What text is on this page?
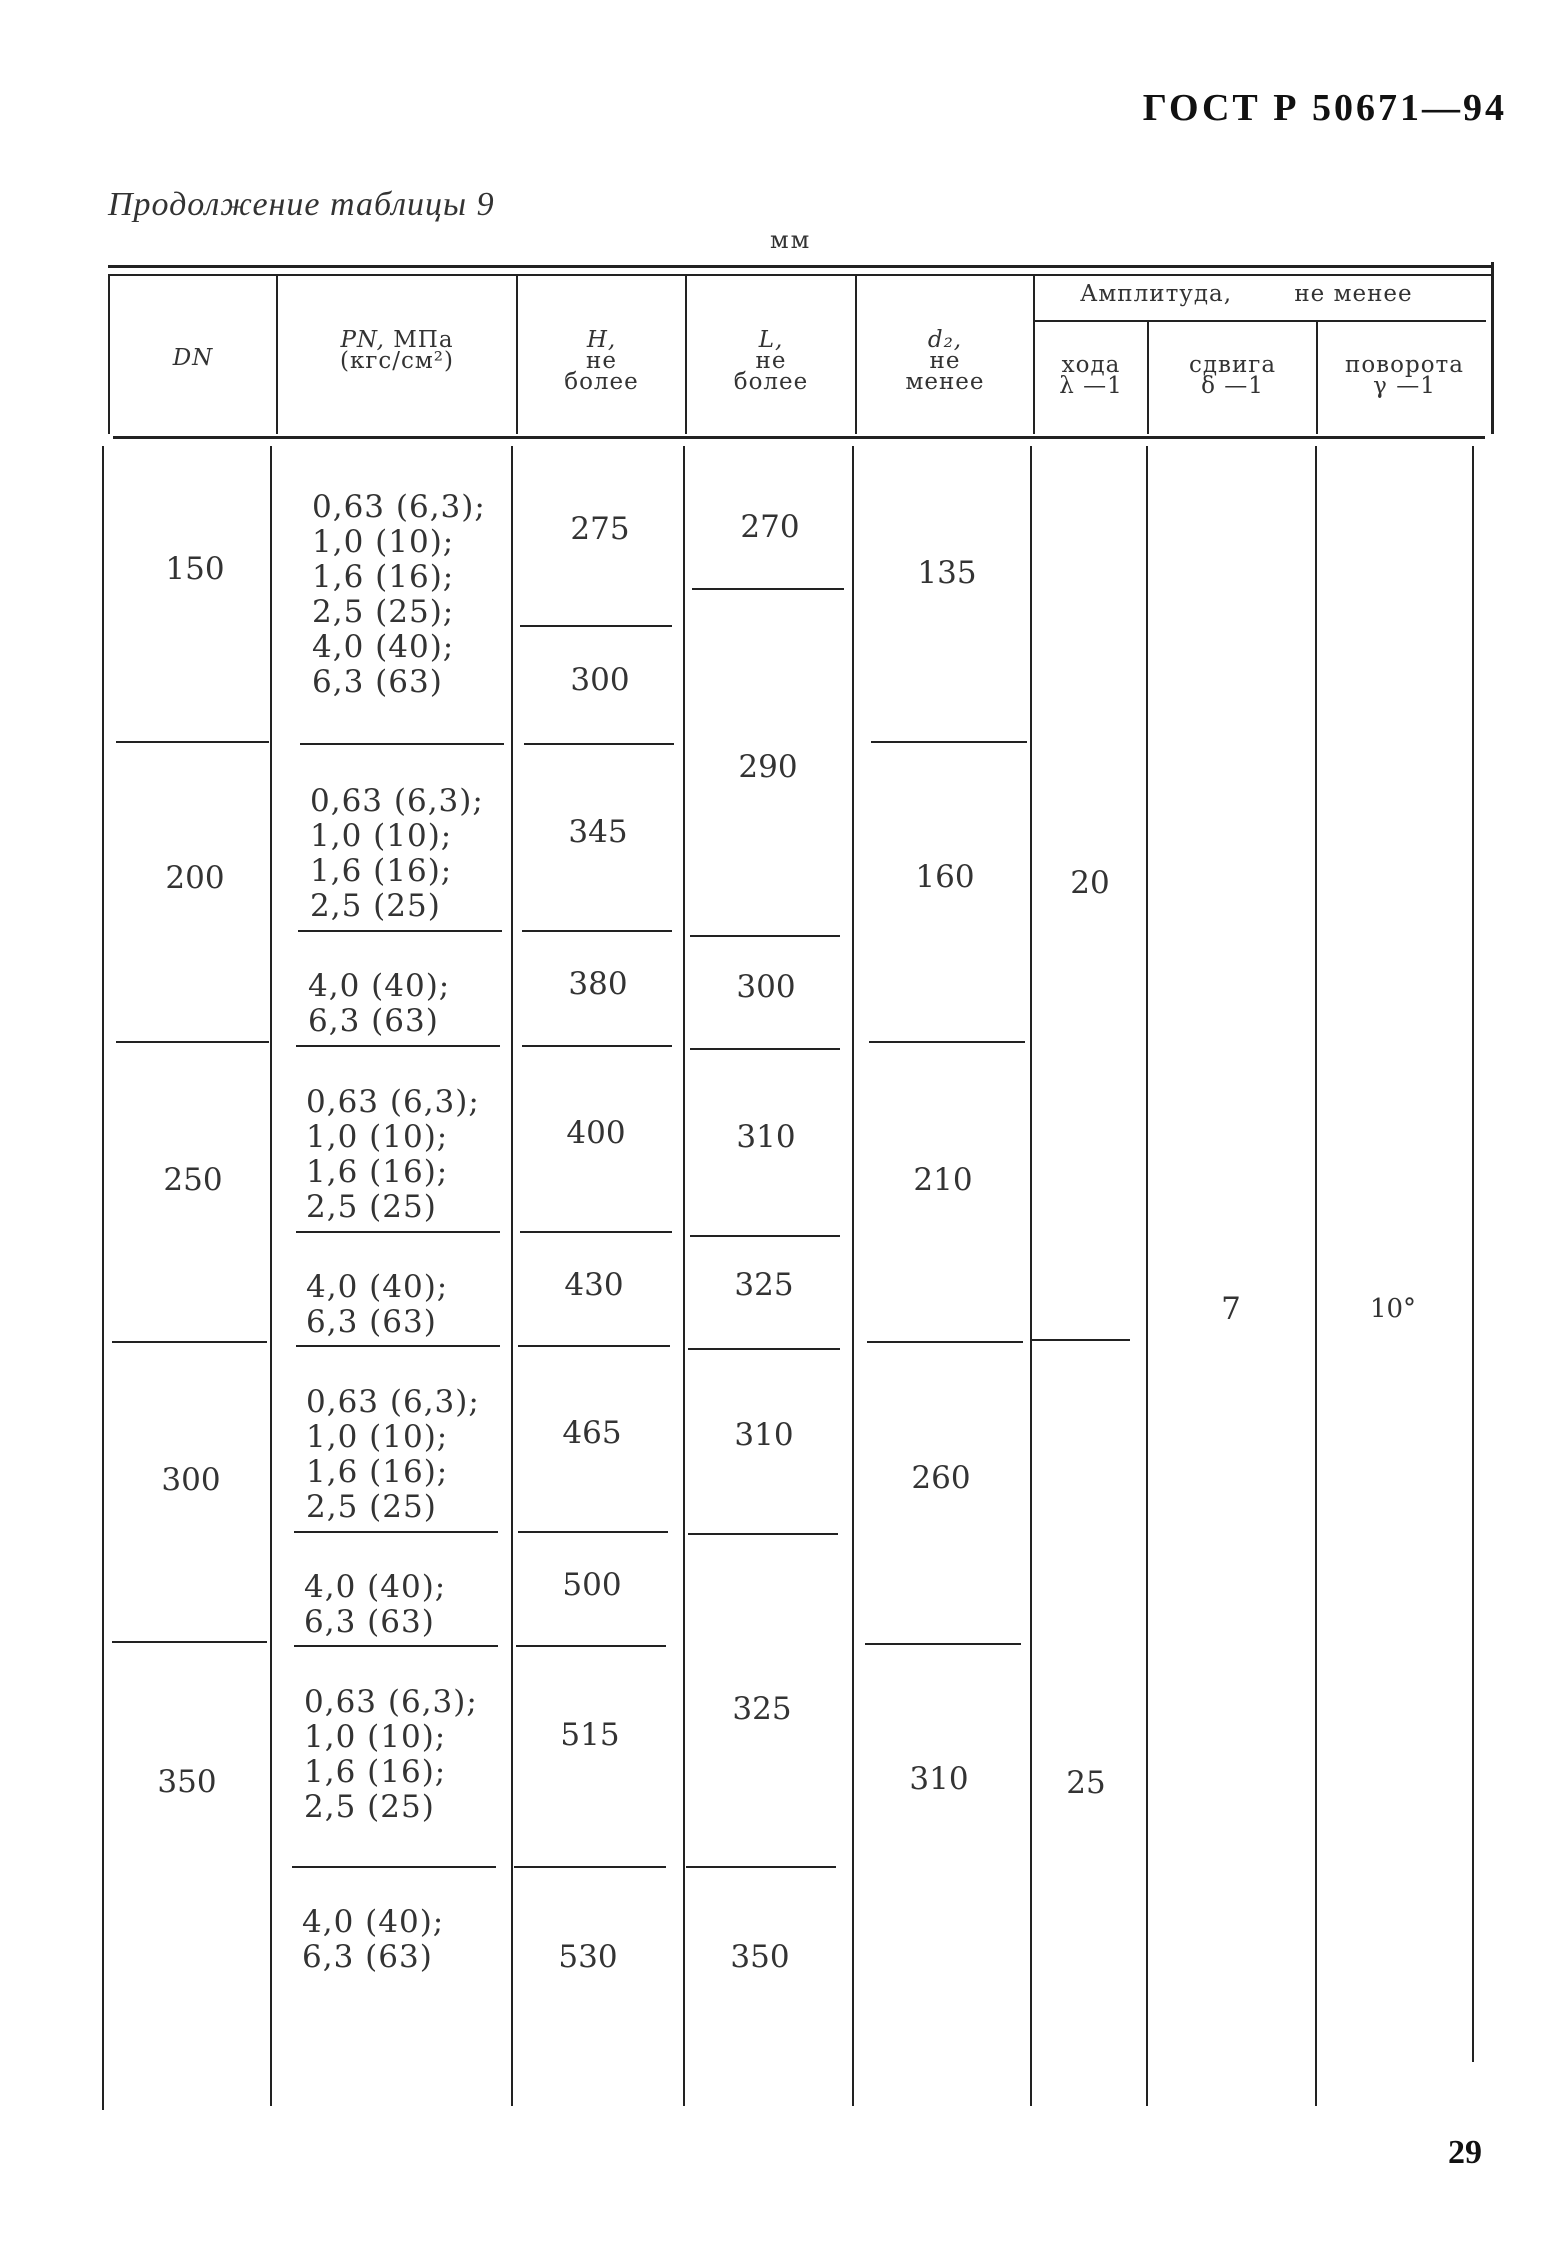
ГОСТ Р 50671—94
Продолжение таблицы 9
мм
DN
PN, МПа
(кгс/см²)
H,
не
более
L,
не
более
d₂,
не
менее
Амплитуда,	не менее
хода
λ —1
сдвига
δ —1
поворота
γ —1
150
200
250
300
350
0,63 (6,3);
1,0 (10);
1,6 (16);
2,5 (25);
4,0 (40);
6,3 (63)
0,63 (6,3);
1,0 (10);
1,6 (16);
2,5 (25)
4,0 (40);
6,3 (63)
0,63 (6,3);
1,0 (10);
1,6 (16);
2,5 (25)
4,0 (40);
6,3 (63)
0,63 (6,3);
1,0 (10);
1,6 (16);
2,5 (25)
4,0 (40);
6,3 (63)
0,63 (6,3);
1,0 (10);
1,6 (16);
2,5 (25)
4,0 (40);
6,3 (63)
275
300
345
380
400
430
465
500
515
530
270
290
300
310
325
310
325
350
135
160
210
260
310
20
25
7	10°
29
